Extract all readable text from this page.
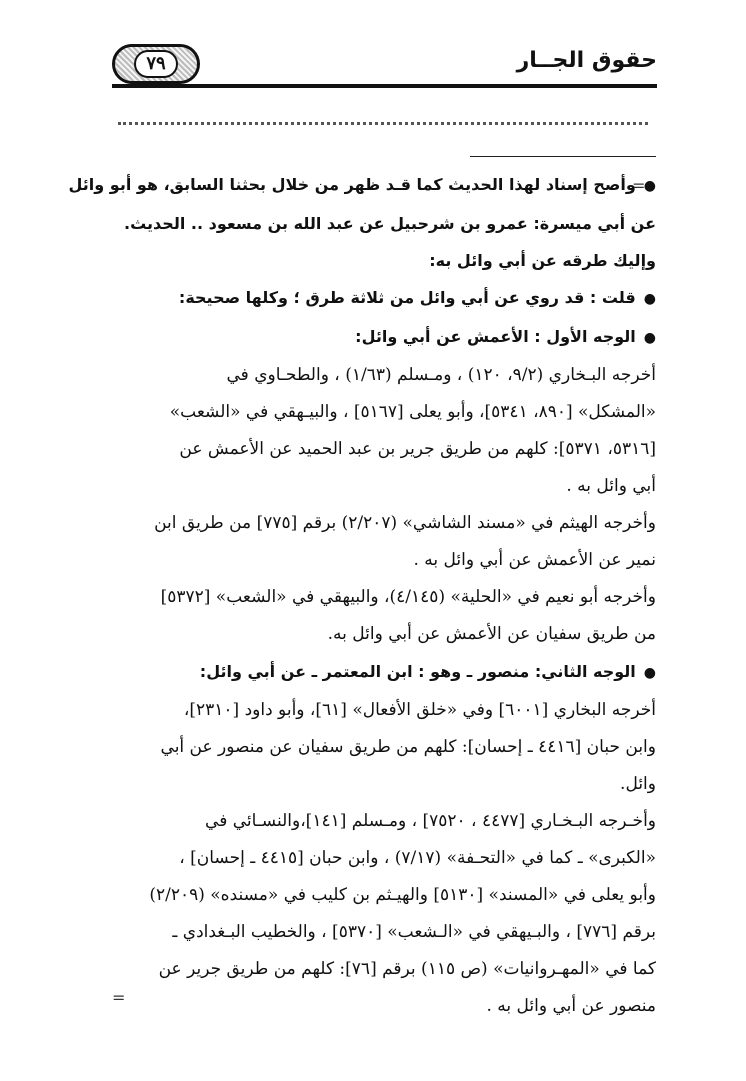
٧٩	حقوق الجــار
=
=
●وأصح إسناد لهذا الحديث كما قـد ظهر من خلال بحثنا السابق، هو أبو وائل
عن أبي ميسرة: عمرو بن شرحبيل عن عبد الله بن مسعود .. الحديث.
وإليك طرقه عن أبي وائل به:
●قلت : قد روي عن أبي وائل من ثلاثة طرق ؛ وكلها صحيحة:
●الوجه الأول : الأعمش عن أبي وائل:
أخرجه البـخاري (٩/٢، ١٢٠) ، ومـسلم (١/٦٣) ، والطحـاوي في
«المشكل» [٨٩٠، ٥٣٤١]، وأبو يعلى [٥١٦٧] ، والبيـهقي في «الشعب»
[٥٣١٦، ٥٣٧١]: كلهم من طريق جرير بن عبد الحميد عن الأعمش عن
أبي وائل به .
وأخرجه الهيثم في «مسند الشاشي» (٢/٢٠٧) برقم [٧٧٥] من طريق ابن
نمير عن الأعمش عن أبي وائل به .
وأخرجه أبو نعيم في «الحلية» (٤/١٤٥)، والبيهقي في «الشعب» [٥٣٧٢]
من طريق سفيان عن الأعمش عن أبي وائل به.
●الوجه الثاني: منصور ـ وهو : ابن المعتمر ـ عن أبي وائل:
أخرجه البخاري [٦٠٠١] وفي «خلق الأفعال» [٦١]، وأبو داود [٢٣١٠]،
وابن حبان [٤٤١٦ ـ إحسان]: كلهم من طريق سفيان عن منصور عن أبي
وائل.
وأخـرجه البـخـاري [٤٤٧٧ ، ٧٥٢٠] ، ومـسلم [١٤١]،والنسـائي في
«الكبرى» ـ كما في «التحـفة» (٧/١٧) ، وابن حبان [٤٤١٥ ـ إحسان] ،
وأبو يعلى في «المسند» [٥١٣٠] والهيـثم بن كليب في «مسنده» (٢/٢٠٩)
برقم [٧٧٦] ، والبـيهقي في «الـشعب» [٥٣٧٠] ، والخطيب البـغدادي ـ
كما في «المهـروانيات» (ص ١١٥) برقم [٧٦]: كلهم من طريق جرير عن
منصور عن أبي وائل به .
